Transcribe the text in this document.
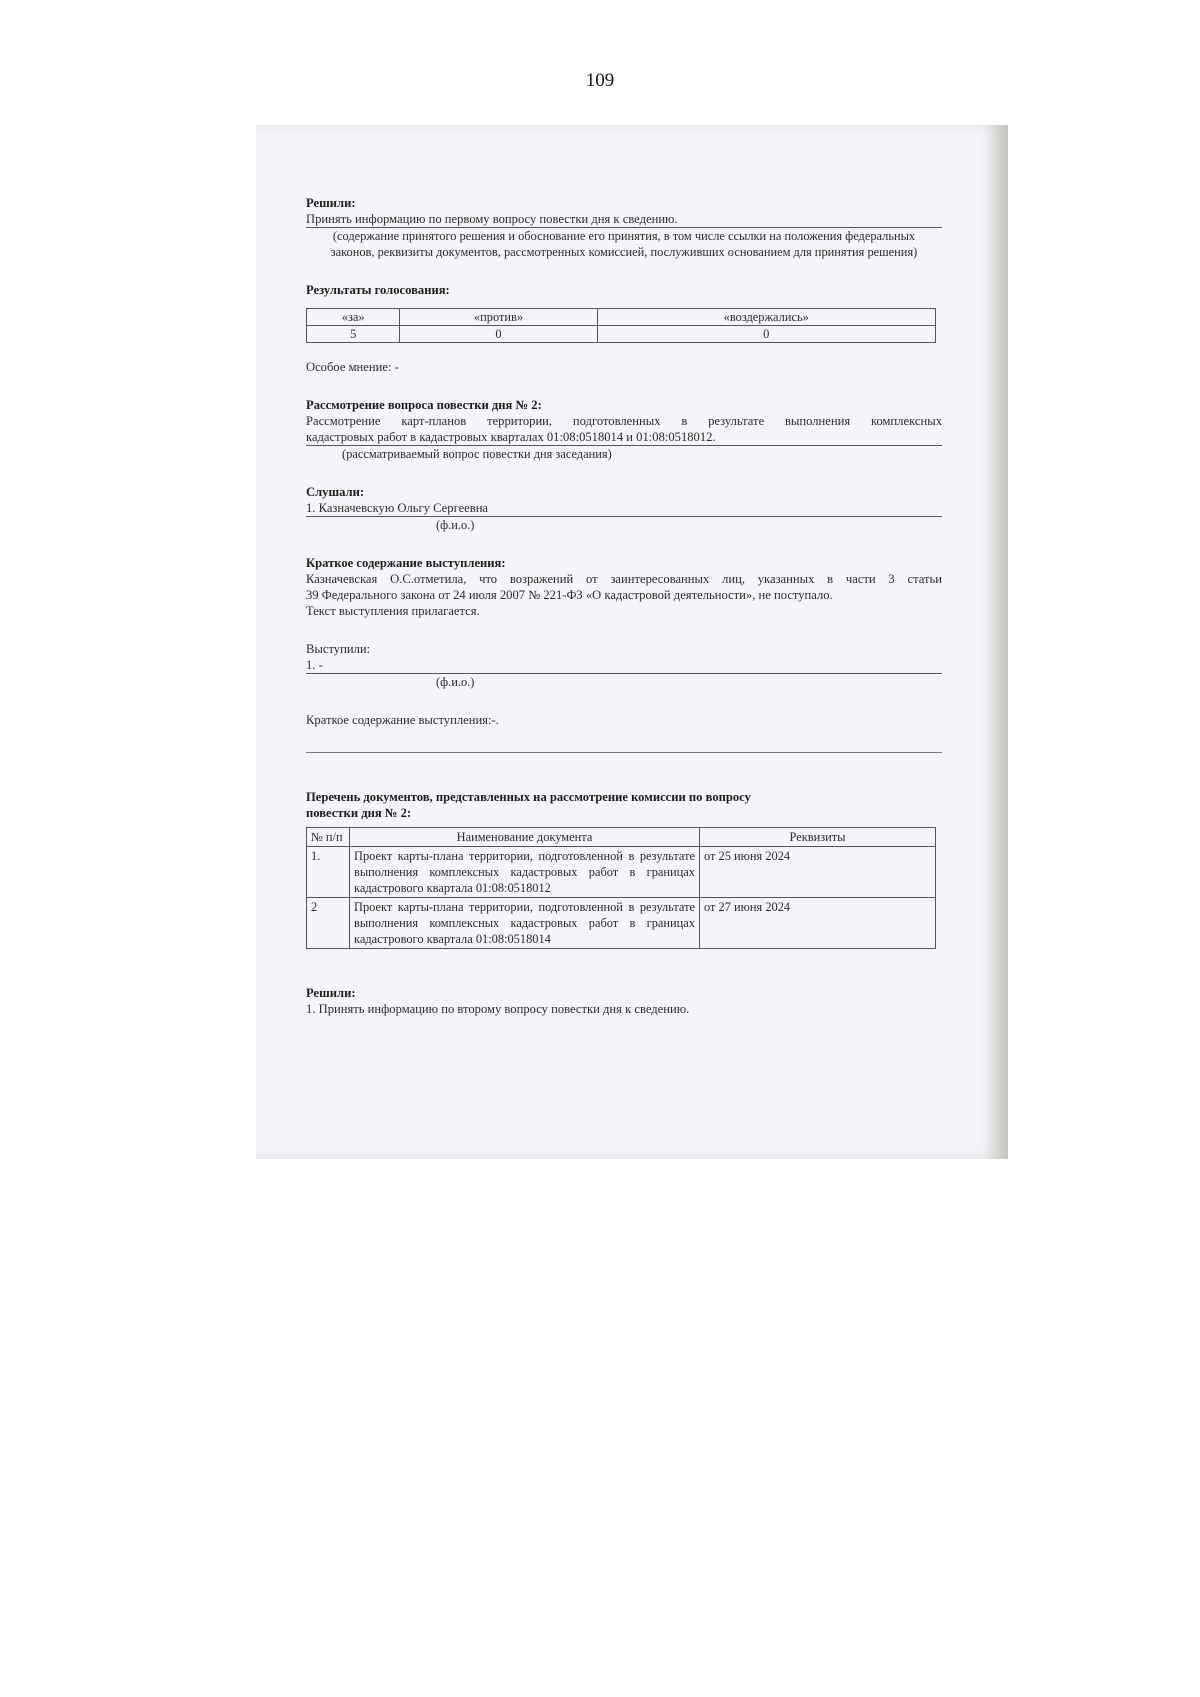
109
Решили:
Принять информацию по первому вопросу повестки дня к сведению.
(содержание принятого решения и обоснование его принятия, в том числе ссылки на положения федеральных законов, реквизиты документов, рассмотренных комиссией, послуживших основанием для принятия решения)
Результаты голосования:
«за»	«против»	«воздержались»
5	0	0
Особое мнение: -
Рассмотрение вопроса повестки дня № 2:
Рассмотрение карт-планов территории, подготовленных в результате выполнения комплексных
кадастровых работ в кадастровых кварталах 01:08:0518014 и 01:08:0518012.
(рассматриваемый вопрос повестки дня заседания)
Слушали:
1. Казначевскую Ольгу Сергеевна
(ф.и.о.)
Краткое содержание выступления:
Казначевская О.С.отметила, что возражений от заинтересованных лиц, указанных в части 3 статьи
39 Федерального закона от 24 июля 2007 № 221-ФЗ «О кадастровой деятельности», не поступало.
Текст выступления прилагается.
Выступили:
1. -
(ф.и.о.)
Краткое содержание выступления:-.
Перечень документов, представленных на рассмотрение комиссии по вопросу
повестки дня № 2:
№ п/п	Наименование документа	Реквизиты
1.	Проект карты-плана территории, подготовленной в результате выполнения комплексных кадастровых работ в границах кадастрового квартала 01:08:0518012	от 25 июня 2024
2	Проект карты-плана территории, подготовленной в результате выполнения комплексных кадастровых работ в границах кадастрового квартала 01:08:0518014	от 27 июня 2024
Решили:
1. Принять информацию по второму вопросу повестки дня к сведению.
